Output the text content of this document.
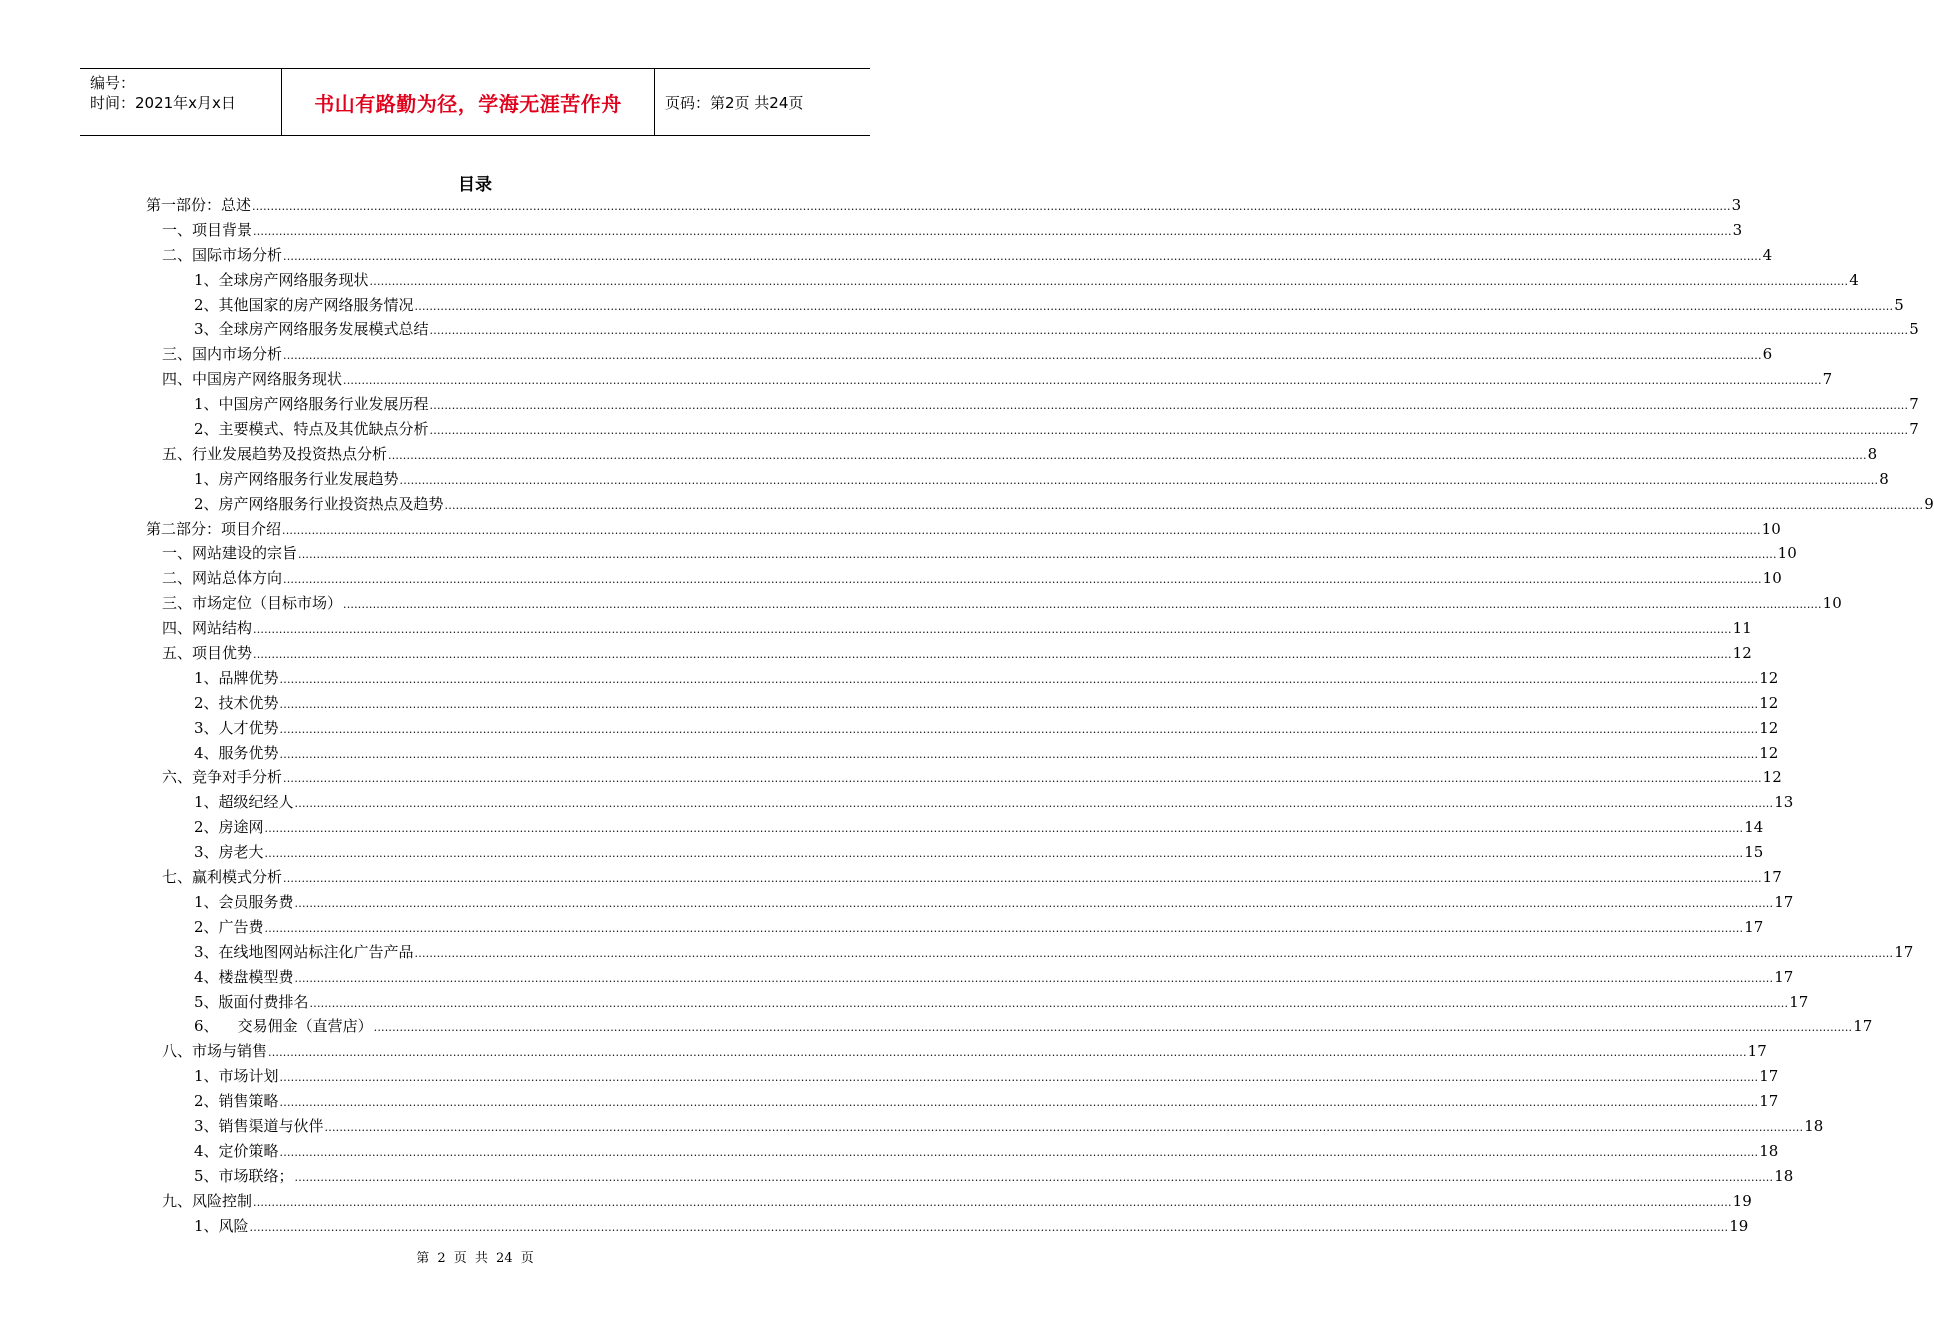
编号：
时间：2021年x月x日	书山有路勤为径，学海无涯苦作舟	页码：第2页 共24页
目录
第一部份：总述 ................................................................................................................................................................................................................................................................................................................................................................................................................ 3
一、项目背景 ................................................................................................................................................................................................................................................................................................................................................................................................................ 3
二、国际市场分析 ................................................................................................................................................................................................................................................................................................................................................................................................................ 4
1、全球房产网络服务现状 ................................................................................................................................................................................................................................................................................................................................................................................................................ 4
2、其他国家的房产网络服务情况 ................................................................................................................................................................................................................................................................................................................................................................................................................ 5
3、全球房产网络服务发展模式总结 ................................................................................................................................................................................................................................................................................................................................................................................................................ 5
三、国内市场分析 ................................................................................................................................................................................................................................................................................................................................................................................................................ 6
四、中国房产网络服务现状 ................................................................................................................................................................................................................................................................................................................................................................................................................ 7
1、中国房产网络服务行业发展历程 ................................................................................................................................................................................................................................................................................................................................................................................................................ 7
2、主要模式、特点及其优缺点分析 ................................................................................................................................................................................................................................................................................................................................................................................................................ 7
五、行业发展趋势及投资热点分析 ................................................................................................................................................................................................................................................................................................................................................................................................................ 8
1、房产网络服务行业发展趋势 ................................................................................................................................................................................................................................................................................................................................................................................................................ 8
2、房产网络服务行业投资热点及趋势 ................................................................................................................................................................................................................................................................................................................................................................................................................ 9
第二部分：项目介绍 ................................................................................................................................................................................................................................................................................................................................................................................................................ 10
一、网站建设的宗旨 ................................................................................................................................................................................................................................................................................................................................................................................................................ 10
二、网站总体方向 ................................................................................................................................................................................................................................................................................................................................................................................................................ 10
三、市场定位（目标市场） ................................................................................................................................................................................................................................................................................................................................................................................................................ 10
四、网站结构 ................................................................................................................................................................................................................................................................................................................................................................................................................ 11
五、项目优势 ................................................................................................................................................................................................................................................................................................................................................................................................................ 12
1、品牌优势 ................................................................................................................................................................................................................................................................................................................................................................................................................ 12
2、技术优势 ................................................................................................................................................................................................................................................................................................................................................................................................................ 12
3、人才优势 ................................................................................................................................................................................................................................................................................................................................................................................................................ 12
4、服务优势 ................................................................................................................................................................................................................................................................................................................................................................................................................ 12
六、竞争对手分析 ................................................................................................................................................................................................................................................................................................................................................................................................................ 12
1、超级纪经人 ................................................................................................................................................................................................................................................................................................................................................................................................................ 13
2、房途网 ................................................................................................................................................................................................................................................................................................................................................................................................................ 14
3、房老大 ................................................................................................................................................................................................................................................................................................................................................................................................................ 15
七、赢利模式分析 ................................................................................................................................................................................................................................................................................................................................................................................................................ 17
1、会员服务费 ................................................................................................................................................................................................................................................................................................................................................................................................................ 17
2、广告费 ................................................................................................................................................................................................................................................................................................................................................................................................................ 17
3、在线地图网站标注化广告产品 ................................................................................................................................................................................................................................................................................................................................................................................................................ 17
4、楼盘模型费 ................................................................................................................................................................................................................................................................................................................................................................................................................ 17
5、版面付费排名 ................................................................................................................................................................................................................................................................................................................................................................................................................ 17
6、    交易佣金（直营店） ................................................................................................................................................................................................................................................................................................................................................................................................................ 17
八、市场与销售 ................................................................................................................................................................................................................................................................................................................................................................................................................ 17
1、市场计划 ................................................................................................................................................................................................................................................................................................................................................................................................................ 17
2、销售策略 ................................................................................................................................................................................................................................................................................................................................................................................................................ 17
3、销售渠道与伙伴 ................................................................................................................................................................................................................................................................................................................................................................................................................ 18
4、定价策略 ................................................................................................................................................................................................................................................................................................................................................................................................................ 18
5、市场联络； ................................................................................................................................................................................................................................................................................................................................................................................................................ 18
九、风险控制 ................................................................................................................................................................................................................................................................................................................................................................................................................ 19
1、风险 ................................................................................................................................................................................................................................................................................................................................................................................................................ 19
第 2 页 共 24 页
